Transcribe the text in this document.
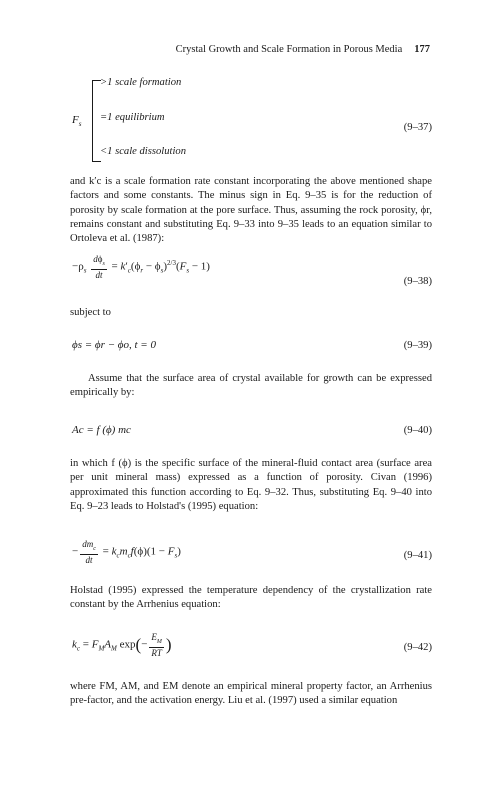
Crystal Growth and Scale Formation in Porous Media 177
$F_s$
>1 scale formation
=1 equilibrium
<1 scale dissolution
(9–37)
and k′c is a scale formation rate constant incorporating the above mentioned shape factors and some constants. The minus sign in Eq. 9–35 is for the reduction of porosity by scale formation at the pore surface. Thus, assuming the rock porosity, ϕr, remains constant and substituting Eq. 9–33 into 9–35 leads to an equation similar to Ortoleva et al. (1987):
$-\rho_s \frac{d\phi_s}{dt} = k'_c(\phi_r - \phi_s)^{2/3}(F_s - 1)$
(9–38)
subject to
ϕs = ϕr − ϕo, t = 0	(9–39)
Assume that the surface area of crystal available for growth can be expressed empirically by:
Ac = f (ϕ) mc	(9–40)
in which f (ϕ) is the specific surface of the mineral-fluid contact area (surface area per unit mineral mass) expressed as a function of porosity. Civan (1996) approximated this function according to Eq. 9–32. Thus, substituting Eq. 9–40 into Eq. 9–23 leads to Holstad's (1995) equation:
− $\frac{dm_c}{dt} = k_cm_cf(\phi)(1 - F_s)$	(9–41)
Holstad (1995) expressed the temperature dependency of the crystallization rate constant by the Arrhenius equation:
$k_c = F_MA_M$ $\exp(- \frac{E_M}{RT}$ )	(9–42)
where FM, AM, and EM denote an empirical mineral property factor, an Arrhenius pre-factor, and the activation energy. Liu et al. (1997) used a similar equation
